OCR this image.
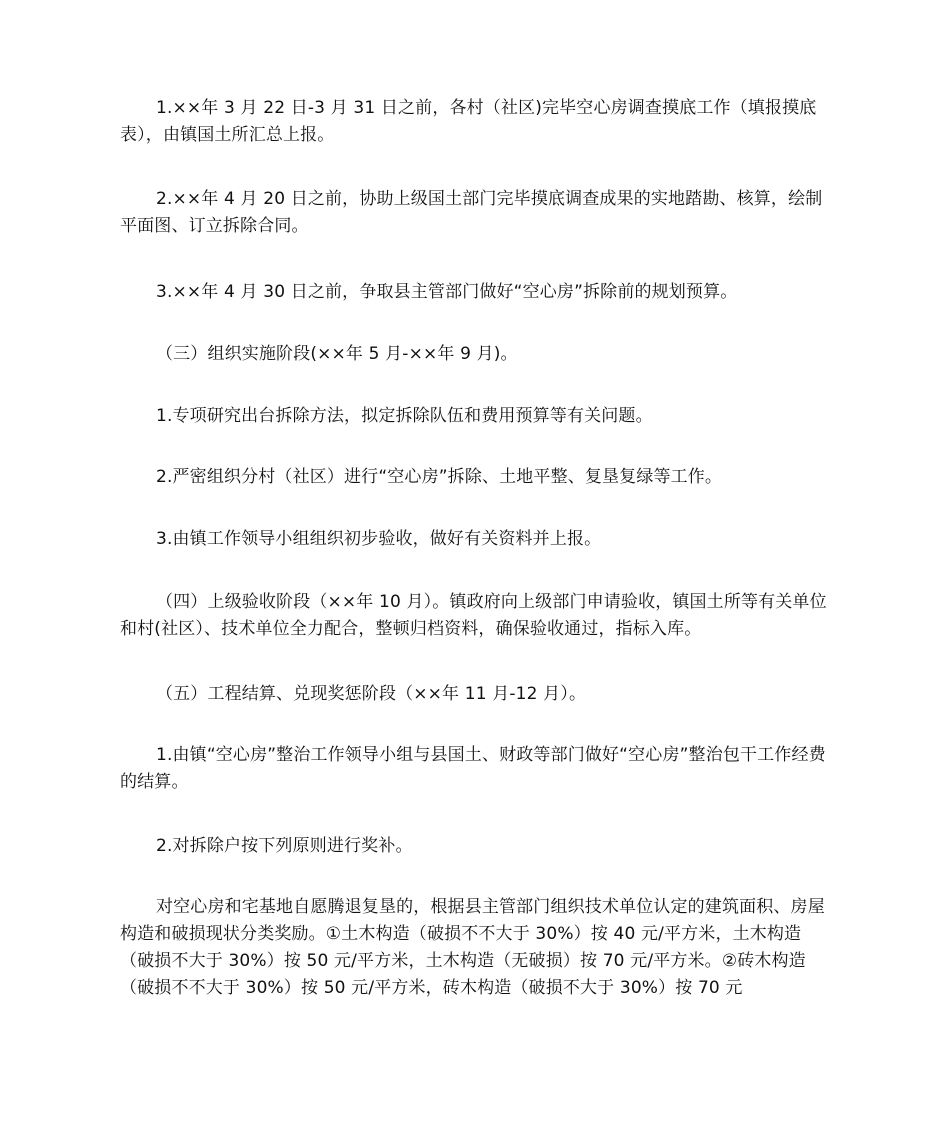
1.××年 3 月 22 日-3 月 31 日之前，各村（社区)完毕空心房调查摸底工作（填报摸底表），由镇国土所汇总上报。

2.××年 4 月 20 日之前，协助上级国土部门完毕摸底调查成果的实地踏勘、核算，绘制平面图、订立拆除合同。

3.××年 4 月 30 日之前，争取县主管部门做好“空心房”拆除前的规划预算。

（三）组织实施阶段(××年 5 月-××年 9 月)。

1.专项研究出台拆除方法，拟定拆除队伍和费用预算等有关问题。

2.严密组织分村（社区）进行“空心房”拆除、土地平整、复垦复绿等工作。

3.由镇工作领导小组组织初步验收，做好有关资料并上报。

（四）上级验收阶段（××年 10 月）。镇政府向上级部门申请验收，镇国土所等有关单位和村(社区）、技术单位全力配合，整顿归档资料，确保验收通过，指标入库。

（五）工程结算、兑现奖惩阶段（××年 11 月-12 月）。

1.由镇“空心房”整治工作领导小组与县国土、财政等部门做好“空心房”整治包干工作经费的结算。

2.对拆除户按下列原则进行奖补。

对空心房和宅基地自愿腾退复垦的，根据县主管部门组织技术单位认定的建筑面积、房屋构造和破损现状分类奖励。①土木构造（破损不不大于 30%）按 40 元/平方米，土木构造（破损不大于 30%）按 50 元/平方米，土木构造（无破损）按 70 元/平方米。②砖木构造（破损不不大于 30%）按 50 元/平方米，砖木构造（破损不大于 30%）按 70 元
